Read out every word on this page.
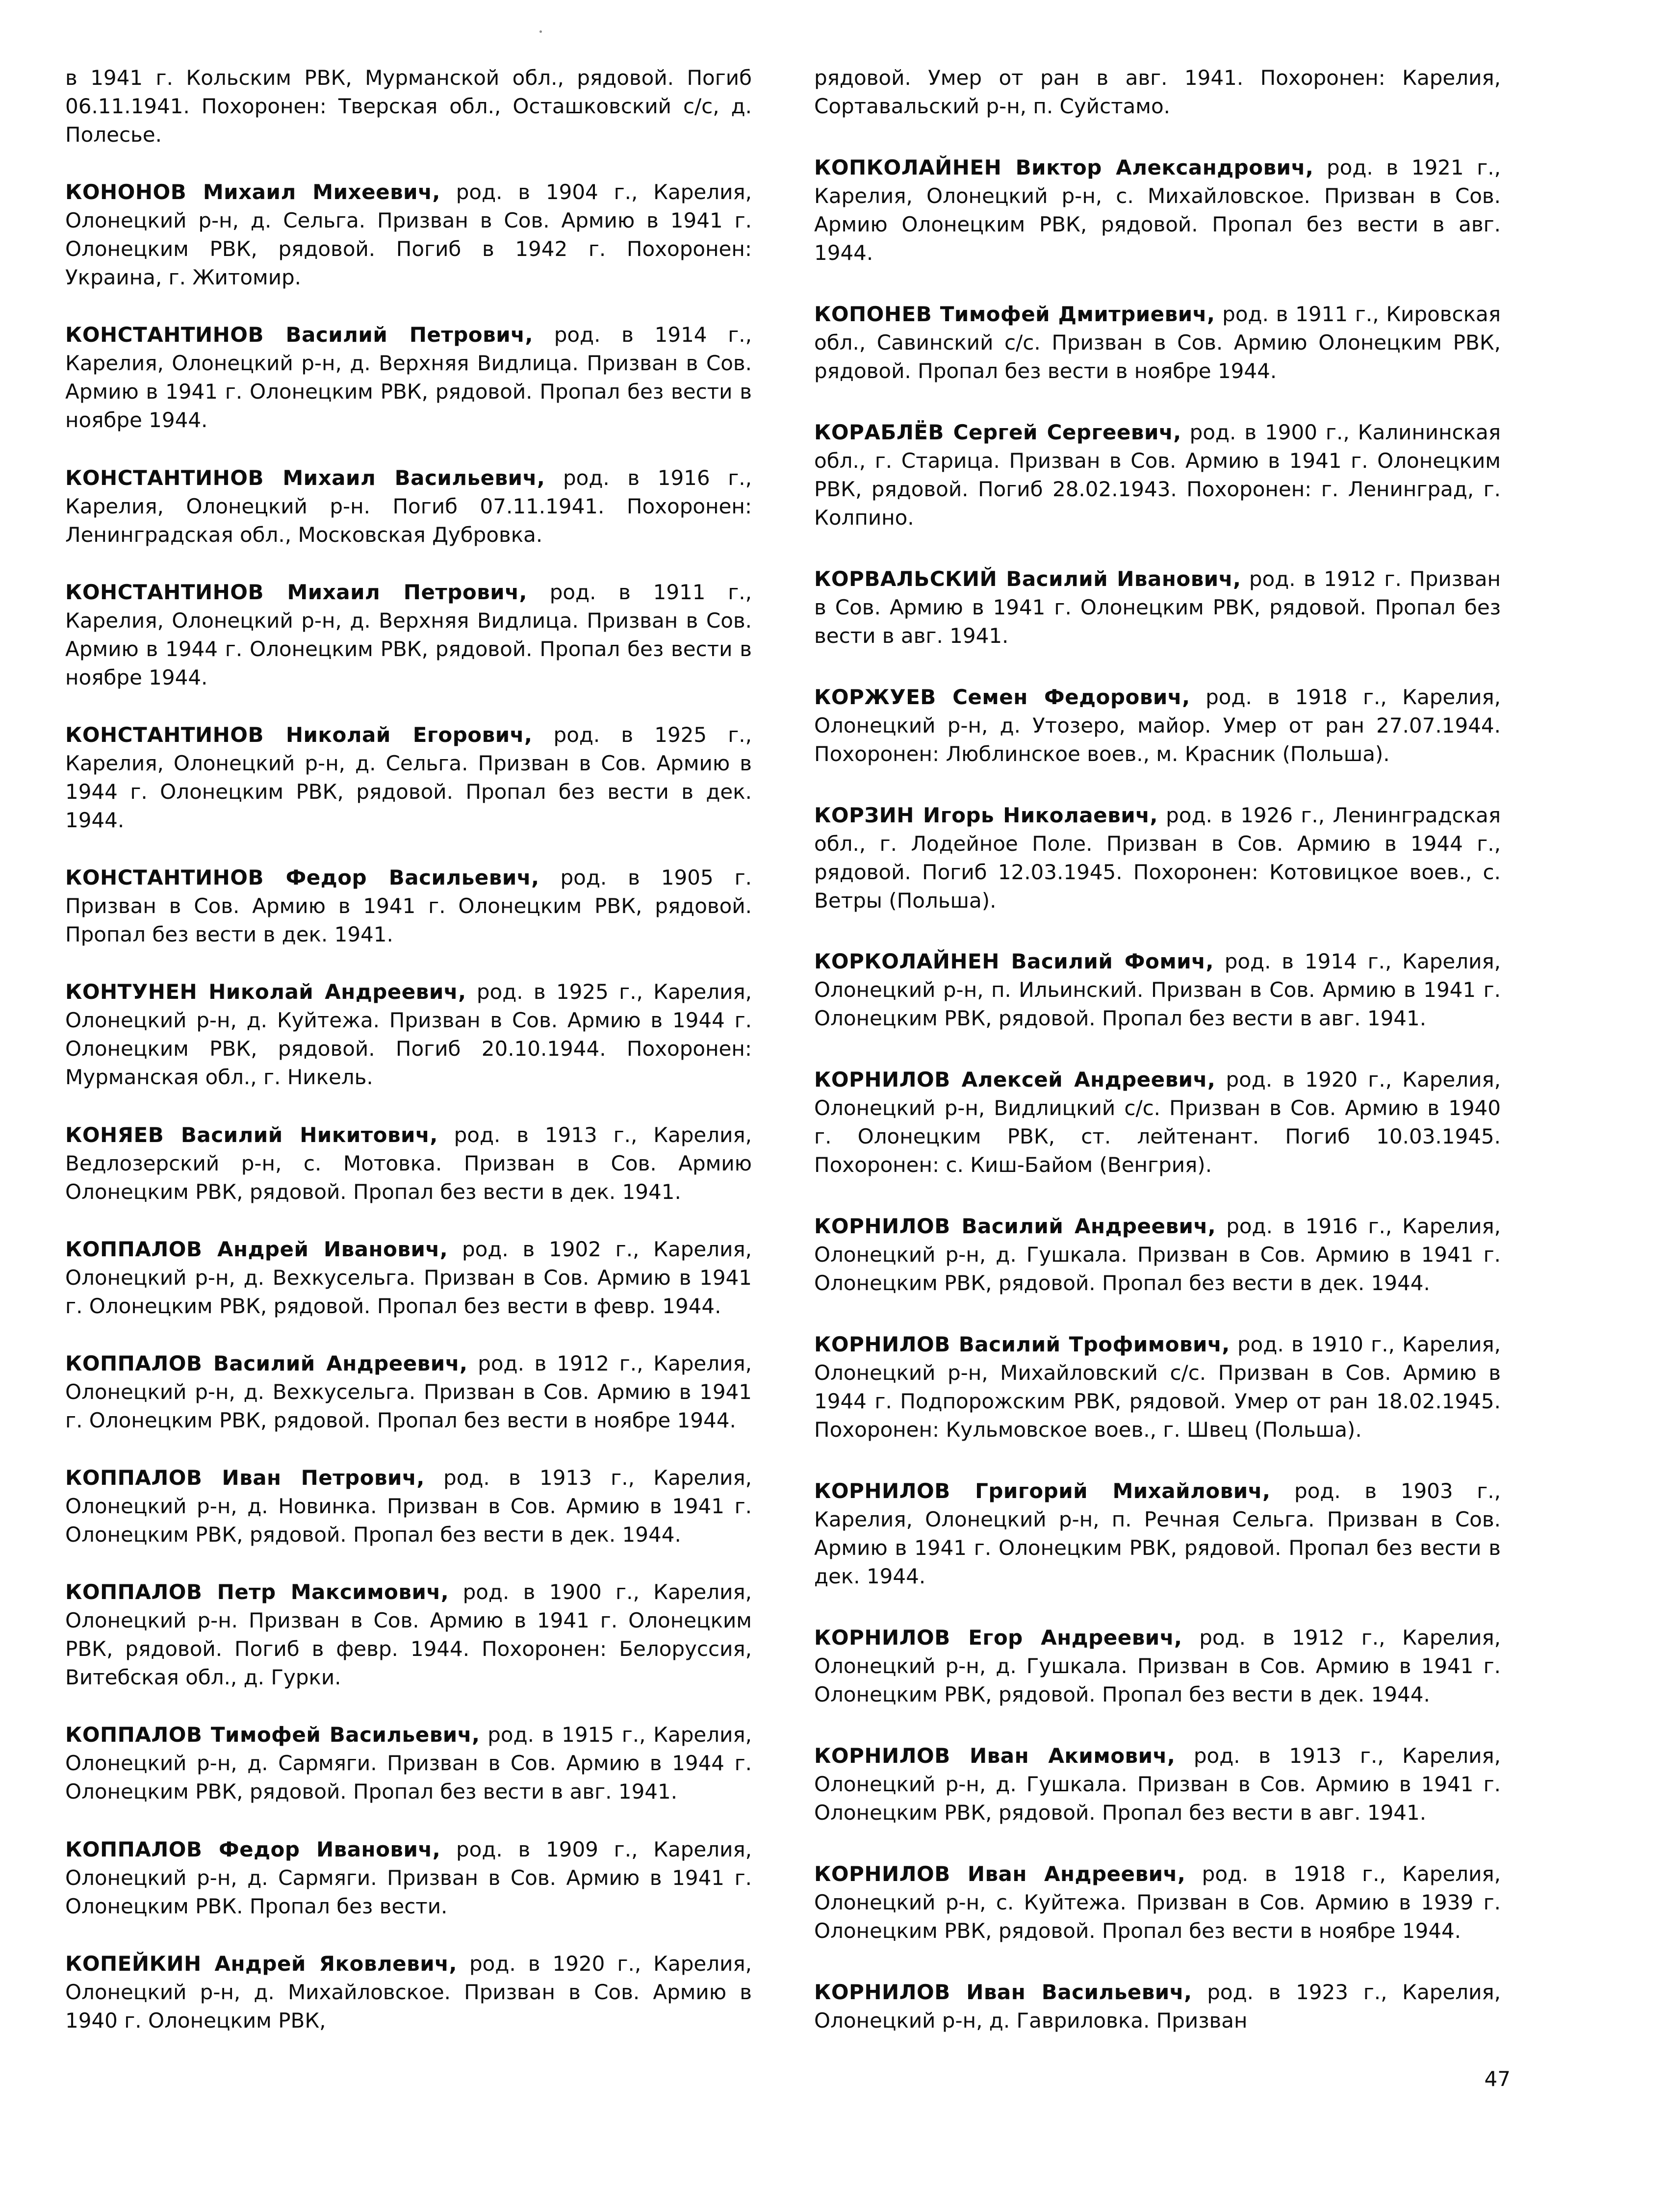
в 1941 г. Кольским РВК, Мурманской обл., рядовой. Погиб 06.11.1941. Похоронен: Тверская обл., Осташковский с/с, д. Полесье.

КОНОНОВ Михаил Михеевич, род. в 1904 г., Карелия, Олонецкий р-н, д. Сельга. Призван в Сов. Армию в 1941 г. Олонецким РВК, рядовой. Погиб в 1942 г. Похоронен: Украина, г. Житомир.

КОНСТАНТИНОВ Василий Петрович, род. в 1914 г., Карелия, Олонецкий р-н, д. Верхняя Видлица. Призван в Сов. Армию в 1941 г. Олонецким РВК, рядовой. Пропал без вести в ноябре 1944.

КОНСТАНТИНОВ Михаил Васильевич, род. в 1916 г., Карелия, Олонецкий р-н. Погиб 07.11.1941. Похоронен: Ленинградская обл., Московская Дубровка.

КОНСТАНТИНОВ Михаил Петрович, род. в 1911 г., Карелия, Олонецкий р-н, д. Верхняя Видлица. Призван в Сов. Армию в 1944 г. Олонецким РВК, рядовой. Пропал без вести в ноябре 1944.

КОНСТАНТИНОВ Николай Егорович, род. в 1925 г., Карелия, Олонецкий р-н, д. Сельга. Призван в Сов. Армию в 1944 г. Олонецким РВК, рядовой. Пропал без вести в дек. 1944.

КОНСТАНТИНОВ Федор Васильевич, род. в 1905 г. Призван в Сов. Армию в 1941 г. Олонецким РВК, рядовой. Пропал без вести в дек. 1941.

КОНТУНЕН Николай Андреевич, род. в 1925 г., Карелия, Олонецкий р-н, д. Куйтежа. Призван в Сов. Армию в 1944 г. Олонецким РВК, рядовой. Погиб 20.10.1944. Похоронен: Мурманская обл., г. Никель.

КОНЯЕВ Василий Никитович, род. в 1913 г., Карелия, Ведлозерский р-н, с. Мотовка. Призван в Сов. Армию Олонецким РВК, рядовой. Пропал без вести в дек. 1941.

КОППАЛОВ Андрей Иванович, род. в 1902 г., Карелия, Олонецкий р-н, д. Вехкусельга. Призван в Сов. Армию в 1941 г. Олонецким РВК, рядовой. Пропал без вести в февр. 1944.

КОППАЛОВ Василий Андреевич, род. в 1912 г., Карелия, Олонецкий р-н, д. Вехкусельга. Призван в Сов. Армию в 1941 г. Олонецким РВК, рядовой. Пропал без вести в ноябре 1944.

КОППАЛОВ Иван Петрович, род. в 1913 г., Карелия, Олонецкий р-н, д. Новинка. Призван в Сов. Армию в 1941 г. Олонецким РВК, рядовой. Пропал без вести в дек. 1944.

КОППАЛОВ Петр Максимович, род. в 1900 г., Карелия, Олонецкий р-н. Призван в Сов. Армию в 1941 г. Олонецким РВК, рядовой. Погиб в февр. 1944. Похоронен: Белоруссия, Витебская обл., д. Гурки.

КОППАЛОВ Тимофей Васильевич, род. в 1915 г., Карелия, Олонецкий р-н, д. Сармяги. Призван в Сов. Армию в 1944 г. Олонецким РВК, рядовой. Пропал без вести в авг. 1941.

КОППАЛОВ Федор Иванович, род. в 1909 г., Карелия, Олонецкий р-н, д. Сармяги. Призван в Сов. Армию в 1941 г. Олонецким РВК. Пропал без вести.

КОПЕЙКИН Андрей Яковлевич, род. в 1920 г., Карелия, Олонецкий р-н, д. Михайловское. Призван в Сов. Армию в 1940 г. Олонецким РВК,

рядовой. Умер от ран в авг. 1941. Похоронен: Карелия, Сортавальский р-н, п. Суйстамо.

КОПКОЛАЙНЕН Виктор Александрович, род. в 1921 г., Карелия, Олонецкий р-н, с. Михайловское. Призван в Сов. Армию Олонецким РВК, рядовой. Пропал без вести в авг. 1944.

КОПОНЕВ Тимофей Дмитриевич, род. в 1911 г., Кировская обл., Савинский с/с. Призван в Сов. Армию Олонецким РВК, рядовой. Пропал без вести в ноябре 1944.

КОРАБЛЁВ Сергей Сергеевич, род. в 1900 г., Калининская обл., г. Старица. Призван в Сов. Армию в 1941 г. Олонецким РВК, рядовой. Погиб 28.02.1943. Похоронен: г. Ленинград, г. Колпино.

КОРВАЛЬСКИЙ Василий Иванович, род. в 1912 г. Призван в Сов. Армию в 1941 г. Олонецким РВК, рядовой. Пропал без вести в авг. 1941.

КОРЖУЕВ Семен Федорович, род. в 1918 г., Карелия, Олонецкий р-н, д. Утозеро, майор. Умер от ран 27.07.1944. Похоронен: Люблинское воев., м. Красник (Польша).

КОРЗИН Игорь Николаевич, род. в 1926 г., Ленинградская обл., г. Лодейное Поле. Призван в Сов. Армию в 1944 г., рядовой. Погиб 12.03.1945. Похоронен: Котовицкое воев., с. Ветры (Польша).

КОРКОЛАЙНЕН Василий Фомич, род. в 1914 г., Карелия, Олонецкий р-н, п. Ильинский. Призван в Сов. Армию в 1941 г. Олонецким РВК, рядовой. Пропал без вести в авг. 1941.

КОРНИЛОВ Алексей Андреевич, род. в 1920 г., Карелия, Олонецкий р-н, Видлицкий с/с. Призван в Сов. Армию в 1940 г. Олонецким РВК, ст. лейтенант. Погиб 10.03.1945. Похоронен: с. Киш-Байом (Венгрия).

КОРНИЛОВ Василий Андреевич, род. в 1916 г., Карелия, Олонецкий р-н, д. Гушкала. Призван в Сов. Армию в 1941 г. Олонецким РВК, рядовой. Пропал без вести в дек. 1944.

КОРНИЛОВ Василий Трофимович, род. в 1910 г., Карелия, Олонецкий р-н, Михайловский с/с. Призван в Сов. Армию в 1944 г. Подпорожским РВК, рядовой. Умер от ран 18.02.1945. Похоронен: Кульмовское воев., г. Швец (Польша).

КОРНИЛОВ Григорий Михайлович, род. в 1903 г., Карелия, Олонецкий р-н, п. Речная Сельга. Призван в Сов. Армию в 1941 г. Олонецким РВК, рядовой. Пропал без вести в дек. 1944.

КОРНИЛОВ Егор Андреевич, род. в 1912 г., Карелия, Олонецкий р-н, д. Гушкала. Призван в Сов. Армию в 1941 г. Олонецким РВК, рядовой. Пропал без вести в дек. 1944.

КОРНИЛОВ Иван Акимович, род. в 1913 г., Карелия, Олонецкий р-н, д. Гушкала. Призван в Сов. Армию в 1941 г. Олонецким РВК, рядовой. Пропал без вести в авг. 1941.

КОРНИЛОВ Иван Андреевич, род. в 1918 г., Карелия, Олонецкий р-н, с. Куйтежа. Призван в Сов. Армию в 1939 г. Олонецким РВК, рядовой. Пропал без вести в ноябре 1944.

КОРНИЛОВ Иван Васильевич, род. в 1923 г., Карелия, Олонецкий р-н, д. Гавриловка. Призван

47
